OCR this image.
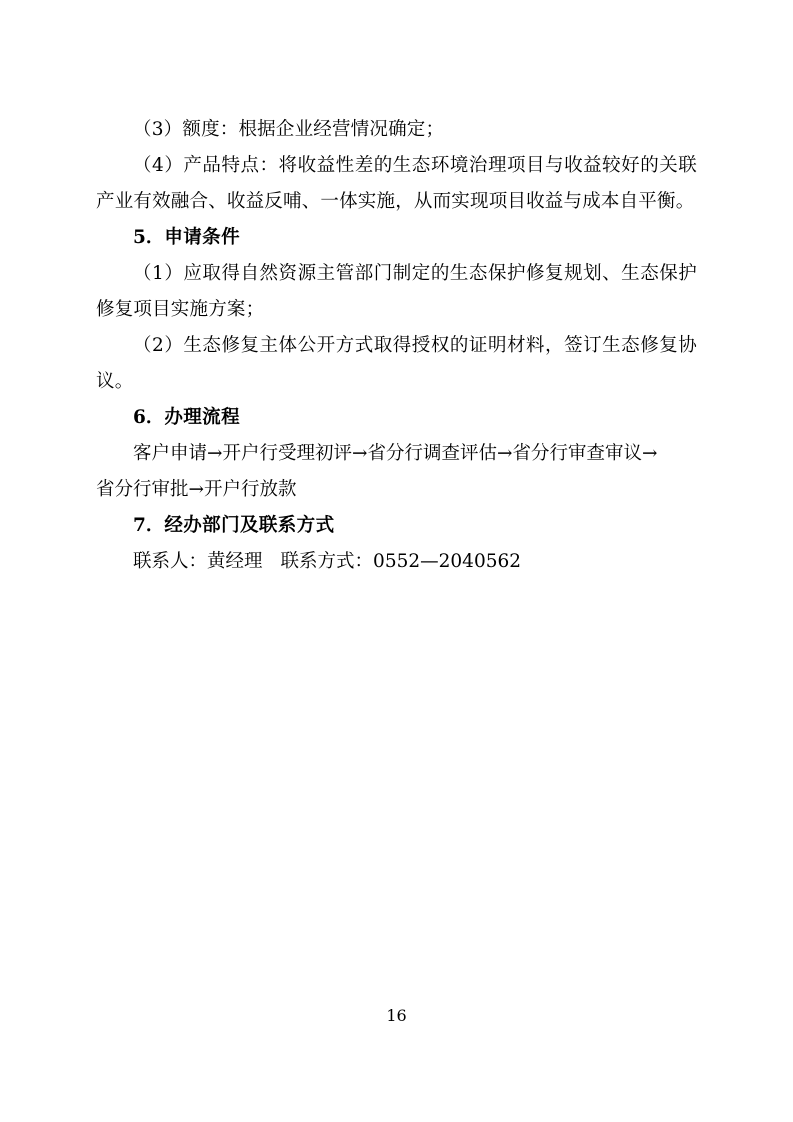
（3）额度：根据企业经营情况确定；

（4）产品特点：将收益性差的生态环境治理项目与收益较好的关联产业有效融合、收益反哺、一体实施，从而实现项目收益与成本自平衡。

5．申请条件

（1）应取得自然资源主管部门制定的生态保护修复规划、生态保护修复项目实施方案；

（2）生态修复主体公开方式取得授权的证明材料，签订生态修复协议。

6．办理流程

客户申请→开户行受理初评→省分行调查评估→省分行审查审议→

省分行审批→开户行放款

7．经办部门及联系方式

联系人：黄经理 联系方式：0552—2040562

16
